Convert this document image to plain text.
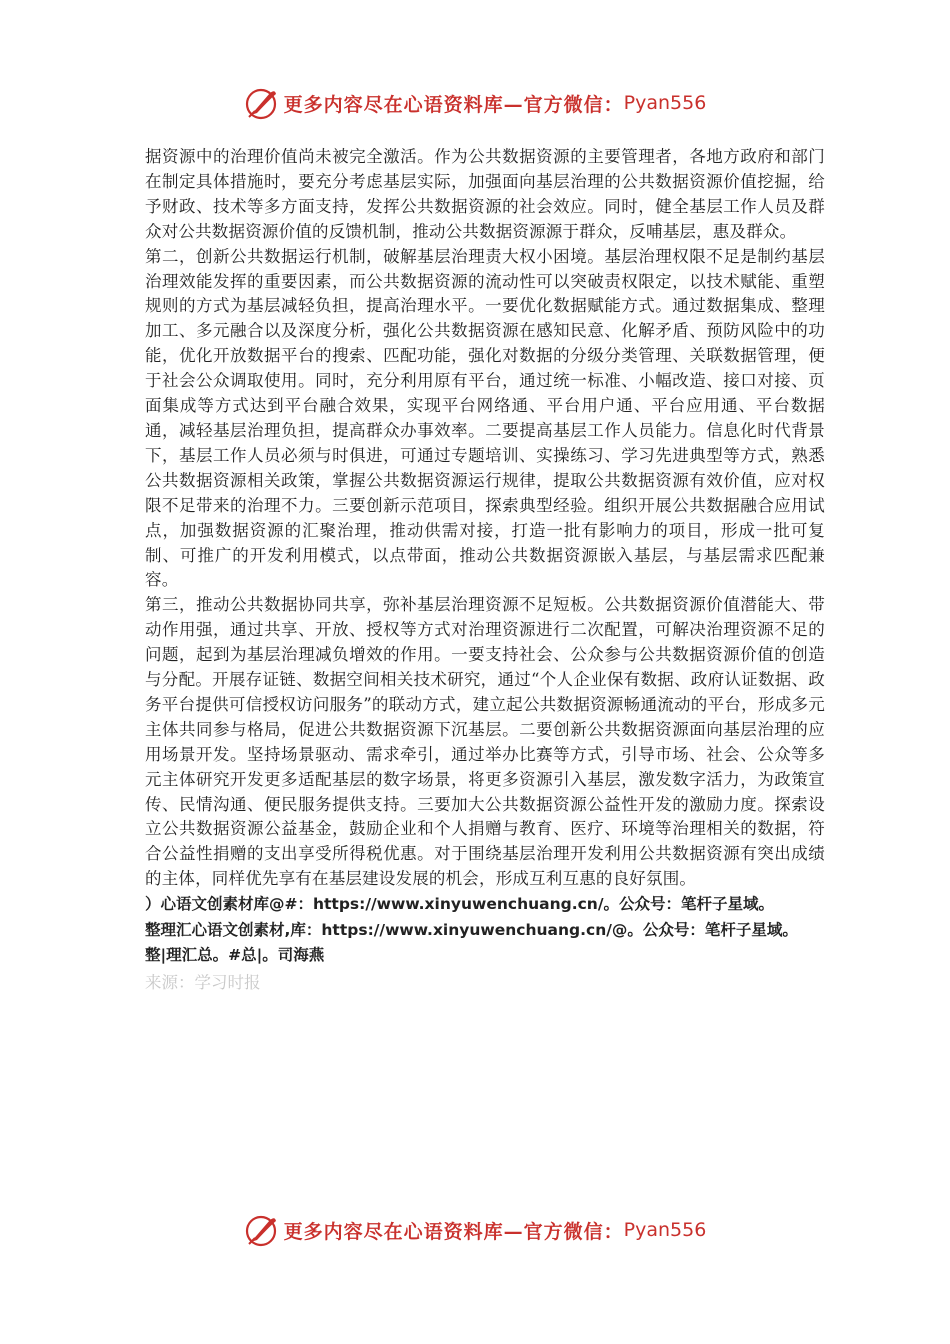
更多内容尽在心语资料库—官方微信： Pyan556

据资源中的治理价值尚未被完全激活。作为公共数据资源的主要管理者，各地方政府和部门在制定具体措施时，要充分考虑基层实际，加强面向基层治理的公共数据资源价值挖掘，给予财政、技术等多方面支持，发挥公共数据资源的社会效应。同时，健全基层工作人员及群众对公共数据资源价值的反馈机制，推动公共数据资源源于群众，反哺基层，惠及群众。

第二，创新公共数据运行机制，破解基层治理责大权小困境。基层治理权限不足是制约基层治理效能发挥的重要因素，而公共数据资源的流动性可以突破责权限定，以技术赋能、重塑规则的方式为基层减轻负担，提高治理水平。一要优化数据赋能方式。通过数据集成、整理加工、多元融合以及深度分析，强化公共数据资源在感知民意、化解矛盾、预防风险中的功能，优化开放数据平台的搜索、匹配功能，强化对数据的分级分类管理、关联数据管理，便于社会公众调取使用。同时，充分利用原有平台，通过统一标准、小幅改造、接口对接、页面集成等方式达到平台融合效果，实现平台网络通、平台用户通、平台应用通、平台数据通，减轻基层治理负担，提高群众办事效率。二要提高基层工作人员能力。信息化时代背景下，基层工作人员必须与时俱进，可通过专题培训、实操练习、学习先进典型等方式，熟悉公共数据资源相关政策，掌握公共数据资源运行规律，提取公共数据资源有效价值，应对权限不足带来的治理不力。三要创新示范项目，探索典型经验。组织开展公共数据融合应用试点，加强数据资源的汇聚治理，推动供需对接，打造一批有影响力的项目，形成一批可复制、可推广的开发利用模式，以点带面，推动公共数据资源嵌入基层，与基层需求匹配兼容。

第三，推动公共数据协同共享，弥补基层治理资源不足短板。公共数据资源价值潜能大、带动作用强，通过共享、开放、授权等方式对治理资源进行二次配置，可解决治理资源不足的问题，起到为基层治理减负增效的作用。一要支持社会、公众参与公共数据资源价值的创造与分配。开展存证链、数据空间相关技术研究，通过“个人企业保有数据、政府认证数据、政务平台提供可信授权访问服务”的联动方式，建立起公共数据资源畅通流动的平台，形成多元主体共同参与格局，促进公共数据资源下沉基层。二要创新公共数据资源面向基层治理的应用场景开发。坚持场景驱动、需求牵引，通过举办比赛等方式，引导市场、社会、公众等多元主体研究开发更多适配基层的数字场景，将更多资源引入基层，激发数字活力，为政策宣传、民情沟通、便民服务提供支持。三要加大公共数据资源公益性开发的激励力度。探索设立公共数据资源公益基金，鼓励企业和个人捐赠与教育、医疗、环境等治理相关的数据，符合公益性捐赠的支出享受所得税优惠。对于围绕基层治理开发利用公共数据资源有突出成绩的主体，同样优先享有在基层建设发展的机会，形成互利互惠的良好氛围。

）心语文创素材库@#：https://www.xinyuwenchuang.cn/。公众号：笔杆子星域。

整理汇心语文创素材,库：https://www.xinyuwenchuang.cn/@。公众号：笔杆子星域。

整|理汇总。#总|。司海燕

来源：学习时报

更多内容尽在心语资料库—官方微信： Pyan556
